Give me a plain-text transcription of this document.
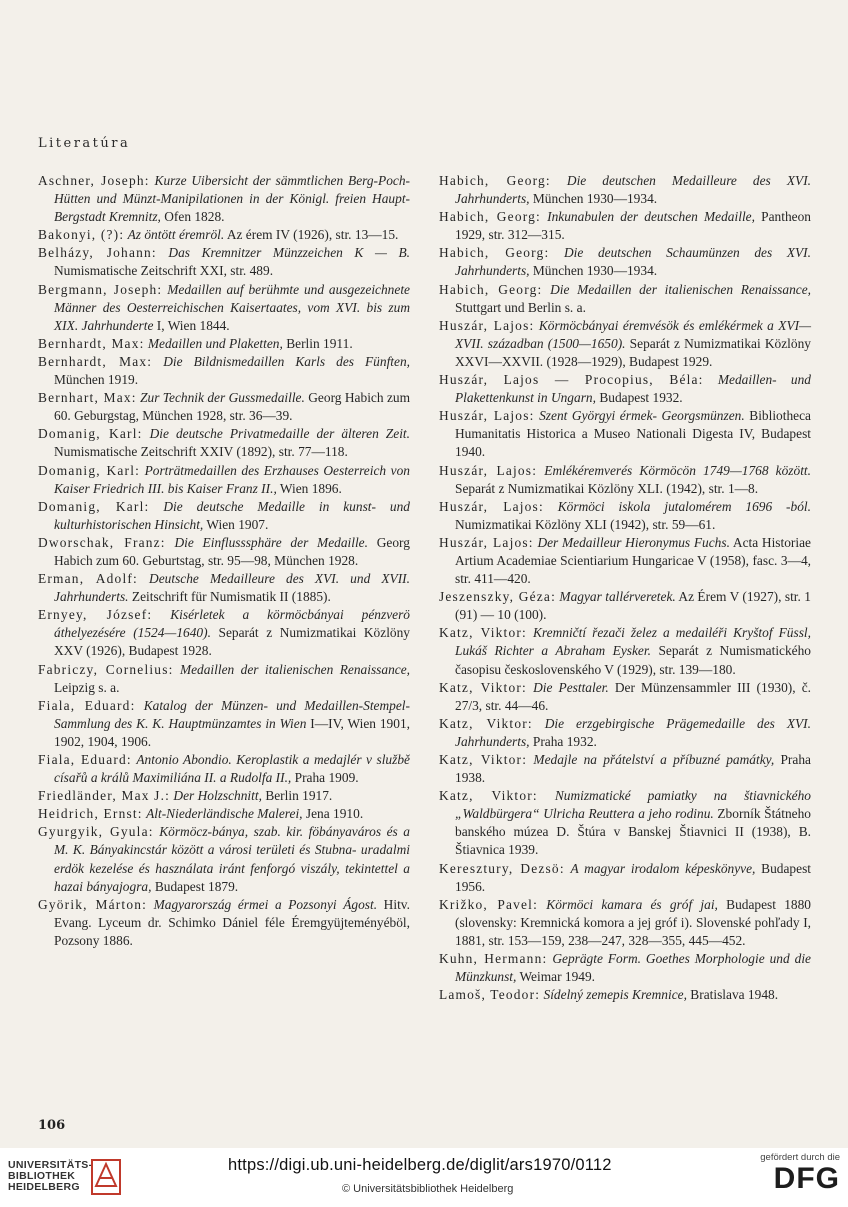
Literatúra

Aschner, Joseph: Kurze Uibersicht der sämmtlichen Berg-Poch-Hütten und Münzt-Manipilationen in der Königl. freien Haupt-Bergstadt Kremnitz, Ofen 1828.

Bakonyi, (?): Az öntött éremröl. Az érem IV (1926), str. 13—15.

Belházy, Johann: Das Kremnitzer Münzzeichen K — B. Numismatische Zeitschrift XXI, str. 489.

Bergmann, Joseph: Medaillen auf berühmte und ausgezeichnete Männer des Oesterreichischen Kaisertaates, vom XVI. bis zum XIX. Jahrhunderte I, Wien 1844.

Bernhardt, Max: Medaillen und Plaketten, Berlin 1911.

Bernhardt, Max: Die Bildnismedaillen Karls des Fünften, München 1919.

Bernhart, Max: Zur Technik der Gussmedaille. Georg Habich zum 60. Geburgstag, München 1928, str. 36—39.

Domanig, Karl: Die deutsche Privatmedaille der älteren Zeit. Numismatische Zeitschrift XXIV (1892), str. 77—118.

Domanig, Karl: Porträtmedaillen des Erzhauses Oesterreich von Kaiser Friedrich III. bis Kaiser Franz II., Wien 1896.

Domanig, Karl: Die deutsche Medaille in kunst- und kulturhistorischen Hinsicht, Wien 1907.

Dworschak, Franz: Die Einflusssphäre der Medaille. Georg Habich zum 60. Geburtstag, str. 95—98, München 1928.

Erman, Adolf: Deutsche Medailleure des XVI. und XVII. Jahrhunderts. Zeitschrift für Numismatik II (1885).

Ernyey, József: Kisérletek a körmöcbányai pénzverö áthelyezésére (1524—1640). Separát z Numizmatikai Közlöny XXV (1926), Budapest 1928.

Fabriczy, Cornelius: Medaillen der italienischen Renaissance, Leipzig s. a.

Fiala, Eduard: Katalog der Münzen- und Medaillen-Stempel-Sammlung des K. K. Hauptmünzamtes in Wien I—IV, Wien 1901, 1902, 1904, 1906.

Fiala, Eduard: Antonio Abondio. Keroplastik a medajlér v službě císařů a králů Maximiliána II. a Rudolfa II., Praha 1909.

Friedländer, Max J.: Der Holzschnitt, Berlin 1917.

Heidrich, Ernst: Alt-Niederländische Malerei, Jena 1910.

Gyurgyik, Gyula: Körmöcz-bánya, szab. kir. föbányaváros és a M. K. Bányakincstár között a városi területi és Stubna- uradalmi erdök kezelése és használata iránt fenforgó viszály, tekintettel a hazai bányajogra, Budapest 1879.

Györik, Márton: Magyarország érmei a Pozsonyi Ágost. Hitv. Evang. Lyceum dr. Schimko Dániel féle Éremgyüjteményéböl, Pozsony 1886.

Habich, Georg: Die deutschen Medailleure des XVI. Jahrhunderts, München 1930—1934.

Habich, Georg: Inkunabulen der deutschen Medaille, Pantheon 1929, str. 312—315.

Habich, Georg: Die deutschen Schaumünzen des XVI. Jahrhunderts, München 1930—1934.

Habich, Georg: Die Medaillen der italienischen Renaissance, Stuttgart und Berlin s. a.

Huszár, Lajos: Körmöcbányai éremvésök és emlékérmek a XVI—XVII. században (1500—1650). Separát z Numizmatikai Közlöny XXVI—XXVII. (1928—1929), Budapest 1929.

Huszár, Lajos — Procopius, Béla: Medaillen- und Plakettenkunst in Ungarn, Budapest 1932.

Huszár, Lajos: Szent Györgyi érmek- Georgsmünzen. Bibliotheca Humanitatis Historica a Museo Nationali Digesta IV, Budapest 1940.

Huszár, Lajos: Emlékéremverés Körmöcön 1749—1768 között. Separát z Numizmatikai Közlöny XLI. (1942), str. 1—8.

Huszár, Lajos: Körmöci iskola jutalomérem 1696 -ból. Numizmatikai Közlöny XLI (1942), str. 59—61.

Huszár, Lajos: Der Medailleur Hieronymus Fuchs. Acta Historiae Artium Academiae Scientiarium Hungaricae V (1958), fasc. 3—4, str. 411—420.

Jeszenszky, Géza: Magyar tallérveretek. Az Érem V (1927), str. 1 (91) — 10 (100).

Katz, Viktor: Kremničtí řezači želez a medailéři Kryštof Füssl, Lukáš Richter a Abraham Eysker. Separát z Numismatického časopisu československého V (1929), str. 139—180.

Katz, Viktor: Die Pesttaler. Der Münzensammler III (1930), č. 27/3, str. 44—46.

Katz, Viktor: Die erzgebirgische Prägemedaille des XVI. Jahrhunderts, Praha 1932.

Katz, Viktor: Medajle na přátelství a příbuzné památky, Praha 1938.

Katz, Viktor: Numizmatické pamiatky na štiavnického „Waldbürgera“ Ulricha Reuttera a jeho rodinu. Zborník Štátneho banského múzea D. Štúra v Banskej Štiavnici II (1938), B. Štiavnica 1939.

Keresztury, Dezsö: A magyar irodalom képeskönyve, Budapest 1956.

Križko, Pavel: Körmöci kamara és gróf jai, Budapest 1880 (slovensky: Kremnická komora a jej gróf i). Slovenské pohľady I, 1881, str. 153—159, 238—247, 328—355, 445—452.

Kuhn, Hermann: Geprägte Form. Goethes Morphologie und die Münzkunst, Weimar 1949.

Lamoš, Teodor: Sídelný zemepis Kremnice, Bratislava 1948.

106
UNIVERSITÄTS-
BIBLIOTHEK
HEIDELBERG
https://digi.ub.uni-heidelberg.de/diglit/ars1970/0112
© Universitätsbibliothek Heidelberg
gefördert durch die
DFG
